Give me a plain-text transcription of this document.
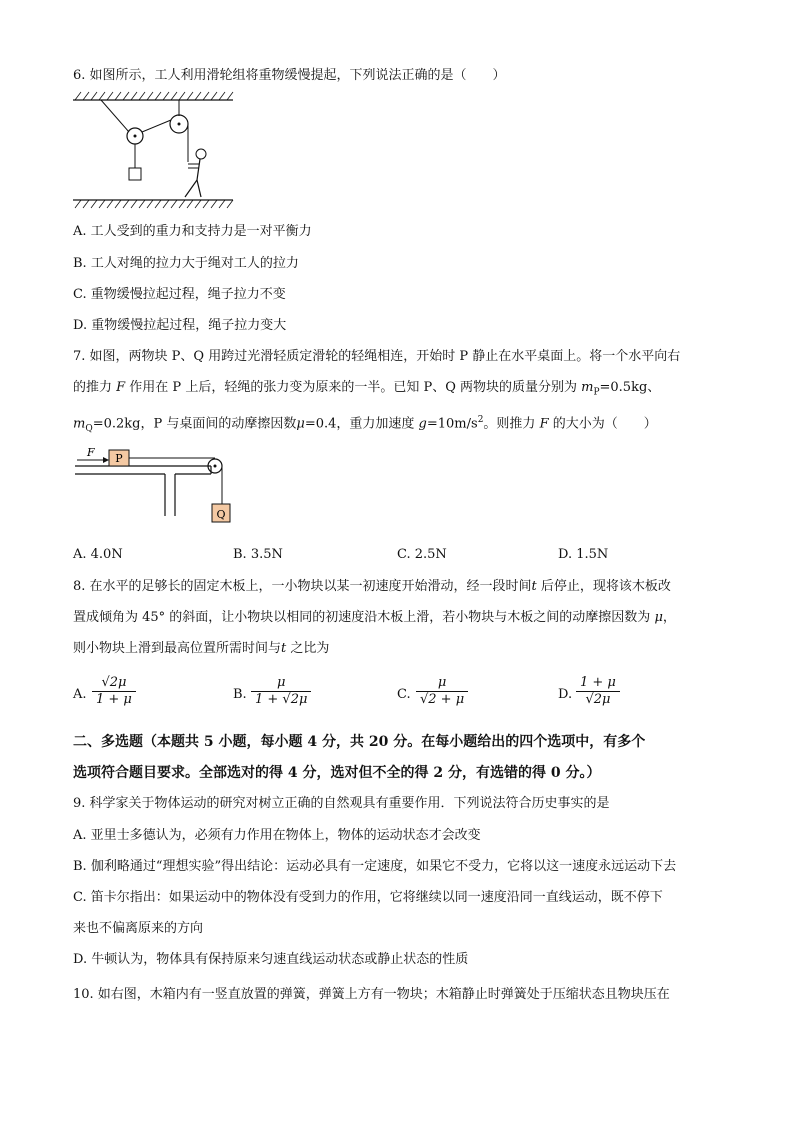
6. 如图所示，工人利用滑轮组将重物缓慢提起，下列说法正确的是（　　）
A. 工人受到的重力和支持力是一对平衡力
B. 工人对绳的拉力大于绳对工人的拉力
C. 重物缓慢拉起过程，绳子拉力不变
D. 重物缓慢拉起过程，绳子拉力变大
7. 如图，两物块 P、Q 用跨过光滑轻质定滑轮的轻绳相连，开始时 P 静止在水平桌面上。将一个水平向右
的推力 F 作用在 P 上后，轻绳的张力变为原来的一半。已知 P、Q 两物块的质量分别为 $m_P=0.5kg$、
$m_Q=0.2kg$，P 与桌面间的动摩擦因数μ=0.4，重力加速度 $g=10m/s^2$。则推力 F 的大小为（　　）
F P
Q
A. 4.0N	B. 3.5N	C. 2.5N	D. 1.5N
8. 在水平的足够长的固定木板上，一小物块以某一初速度开始滑动，经一段时间t 后停止，现将该木板改
置成倾角为 45° 的斜面，让小物块以相同的初速度沿木板上滑，若小物块与木板之间的动摩擦因数为 μ，
则小物块上滑到最高位置所需时间与t 之比为
A. $\frac{√2\mu}{1 + \mu}$	B. $\frac{\mu}{1 + √2\mu}$	C. $\frac{\mu}{√2 + \mu}$	D. $\frac{1 + \mu}{√2\mu}$
二、多选题（本题共 5 小题，每小题 4 分，共 20 分。在每小题给出的四个选项中，有多个
选项符合题目要求。全部选对的得 4 分，选对但不全的得 2 分，有选错的得 0 分。）
9. 科学家关于物体运动的研究对树立正确的自然观具有重要作用．下列说法符合历史事实的是
A. 亚里士多德认为，必须有力作用在物体上，物体的运动状态才会改变
B. 伽利略通过“理想实验”得出结论：运动必具有一定速度，如果它不受力，它将以这一速度永远运动下去
C. 笛卡尔指出：如果运动中的物体没有受到力的作用，它将继续以同一速度沿同一直线运动，既不停下
来也不偏离原来的方向
D. 牛顿认为，物体具有保持原来匀速直线运动状态或静止状态的性质
10. 如右图，木箱内有一竖直放置的弹簧，弹簧上方有一物块；木箱静止时弹簧处于压缩状态且物块压在
